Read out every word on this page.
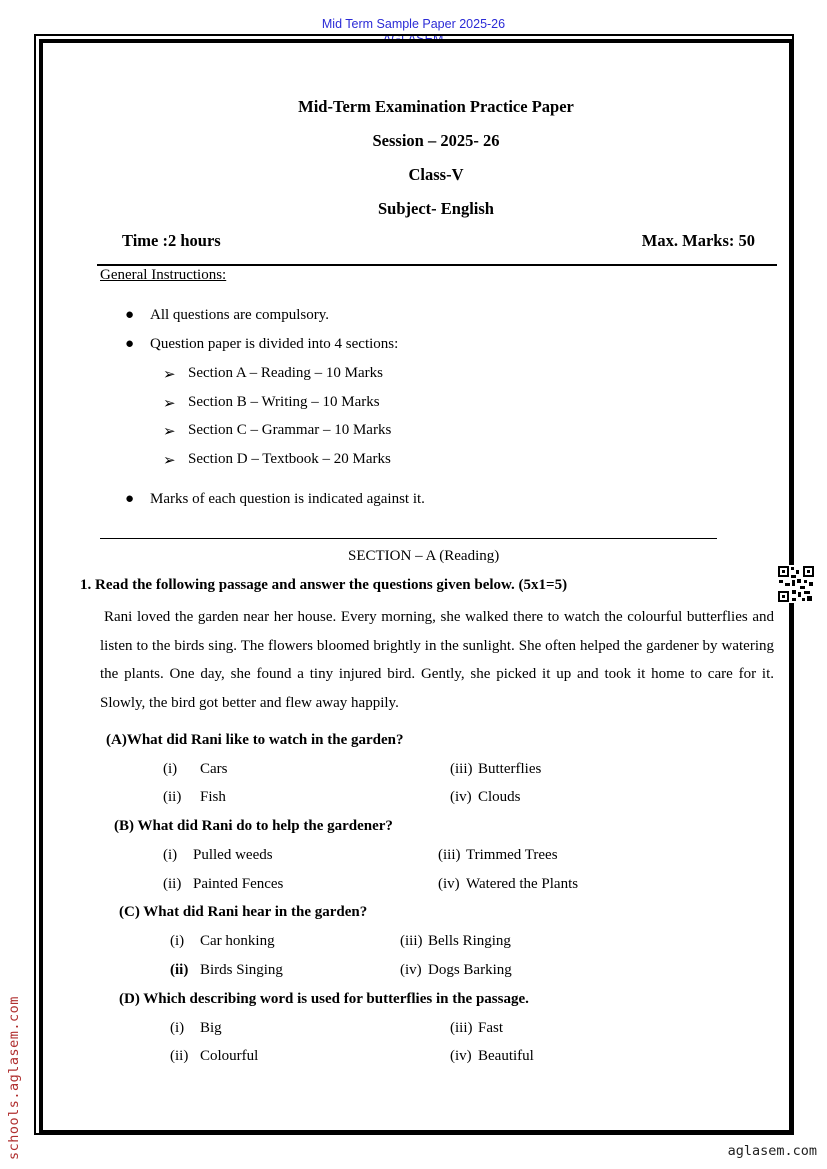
Mid Term Sample Paper 2025-26
– AGLASEM –
Mid-Term Examination Practice Paper
Session – 2025- 26
Class-V
Subject- English
Time :2 hours	Max. Marks: 50
General Instructions:
● All questions are compulsory.
● Question paper is divided into 4 sections:
➢ Section A – Reading – 10 Marks
➢ Section B – Writing – 10 Marks
➢ Section C – Grammar – 10 Marks
➢ Section D – Textbook – 20 Marks
● Marks of each question is indicated against it.
SECTION – A (Reading)
1. Read the following passage and answer the questions given below. (5x1=5)
Rani loved the garden near her house. Every morning, she walked there to watch the colourful butterflies and listen to the birds sing. The flowers bloomed brightly in the sunlight. She often helped the gardener by watering the plants. One day, she found a tiny injured bird. Gently, she picked it up and took it home to care for it. Slowly, the bird got better and flew away happily.
(A)What did Rani like to watch in the garden?
(i) Cars
(ii) Fish
(iii) Butterflies
(iv) Clouds
(B) What did Rani do to help the gardener?
(i) Pulled weeds
(ii) Painted Fences
(iii) Trimmed Trees
(iv) Watered the Plants
(C) What did Rani hear in the garden?
(i) Car honking
(ii) Birds Singing
(iii) Bells Ringing
(iv) Dogs Barking
(D) Which describing word is used for butterflies in the passage.
(i) Big
(ii) Colourful
(iii) Fast
(iv) Beautiful
schools.aglasem.com	aglasem.com
